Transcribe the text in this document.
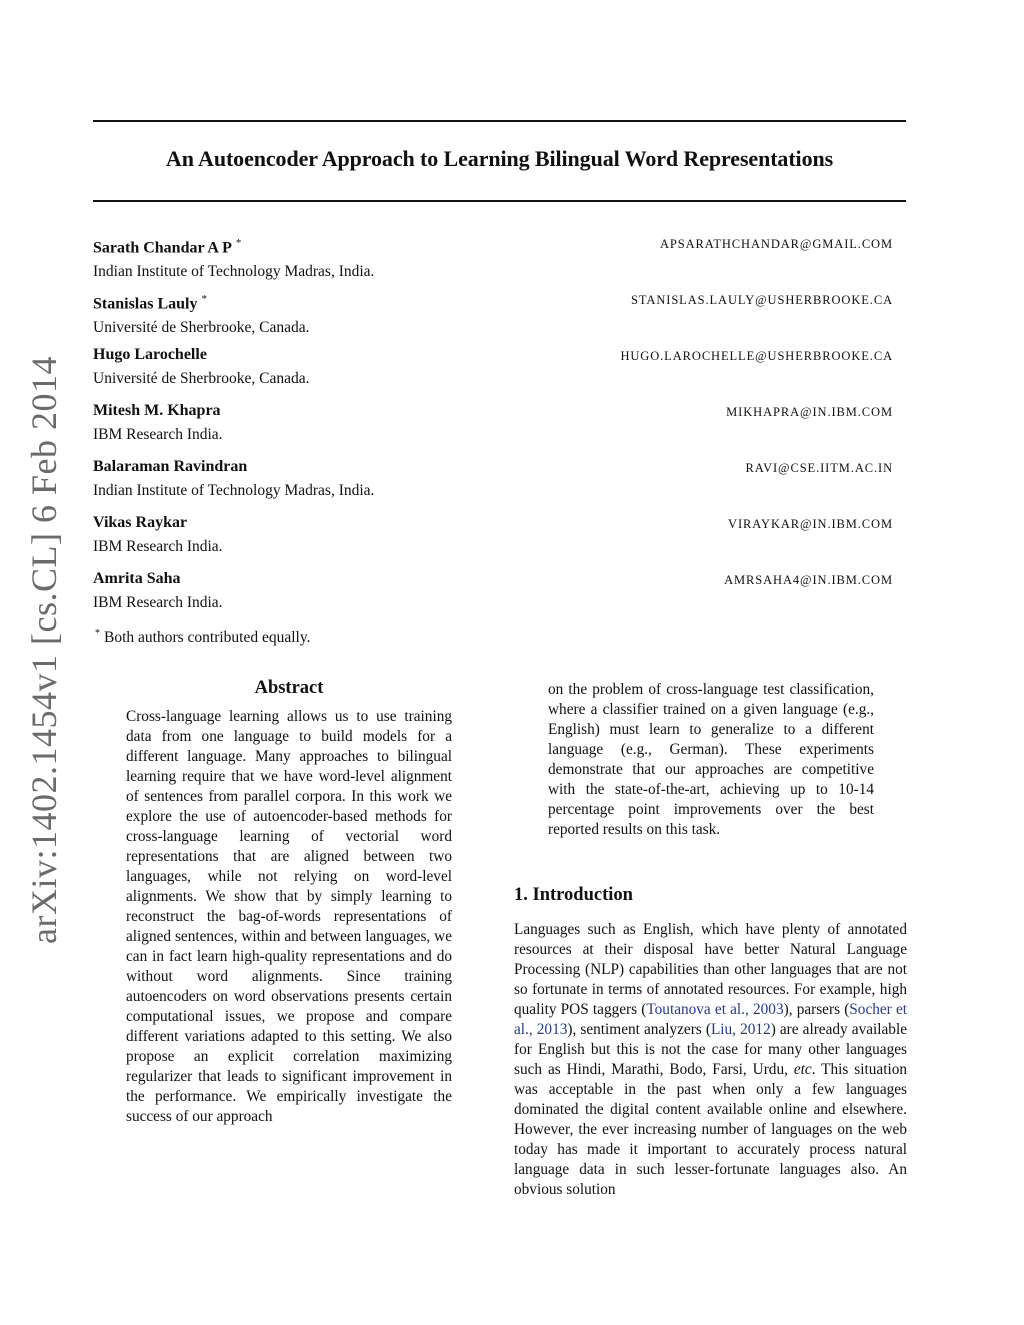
arXiv:1402.1454v1 [cs.CL] 6 Feb 2014
An Autoencoder Approach to Learning Bilingual Word Representations
Sarath Chandar A P *	APSARATHCHANDAR@GMAIL.COM
Indian Institute of Technology Madras, India.
Stanislas Lauly *	STANISLAS.LAULY@USHERBROOKE.CA
Université de Sherbrooke, Canada.
Hugo Larochelle	HUGO.LAROCHELLE@USHERBROOKE.CA
Université de Sherbrooke, Canada.
Mitesh M. Khapra	MIKHAPRA@IN.IBM.COM
IBM Research India.
Balaraman Ravindran	RAVI@CSE.IITM.AC.IN
Indian Institute of Technology Madras, India.
Vikas Raykar	VIRAYKAR@IN.IBM.COM
IBM Research India.
Amrita Saha	AMRSAHA4@IN.IBM.COM
IBM Research India.
* Both authors contributed equally.
Abstract

Cross-language learning allows us to use training data from one language to build models for a different language. Many approaches to bilingual learning require that we have word-level alignment of sentences from parallel corpora. In this work we explore the use of autoencoder-based methods for cross-language learning of vectorial word representations that are aligned between two languages, while not relying on word-level alignments. We show that by simply learning to reconstruct the bag-of-words representations of aligned sentences, within and between languages, we can in fact learn high-quality representations and do without word alignments. Since training autoencoders on word observations presents certain computational issues, we propose and compare different variations adapted to this setting. We also propose an explicit correlation maximizing regularizer that leads to significant improvement in the performance. We empirically investigate the success of our approach

on the problem of cross-language test classification, where a classifier trained on a given language (e.g., English) must learn to generalize to a different language (e.g., German). These experiments demonstrate that our approaches are competitive with the state-of-the-art, achieving up to 10-14 percentage point improvements over the best reported results on this task.

1. Introduction

Languages such as English, which have plenty of annotated resources at their disposal have better Natural Language Processing (NLP) capabilities than other languages that are not so fortunate in terms of annotated resources. For example, high quality POS taggers (Toutanova et al., 2003), parsers (Socher et al., 2013), sentiment analyzers (Liu, 2012) are already available for English but this is not the case for many other languages such as Hindi, Marathi, Bodo, Farsi, Urdu, etc. This situation was acceptable in the past when only a few languages dominated the digital content available online and elsewhere. However, the ever increasing number of languages on the web today has made it important to accurately process natural language data in such lesser-fortunate languages also. An obvious solution
